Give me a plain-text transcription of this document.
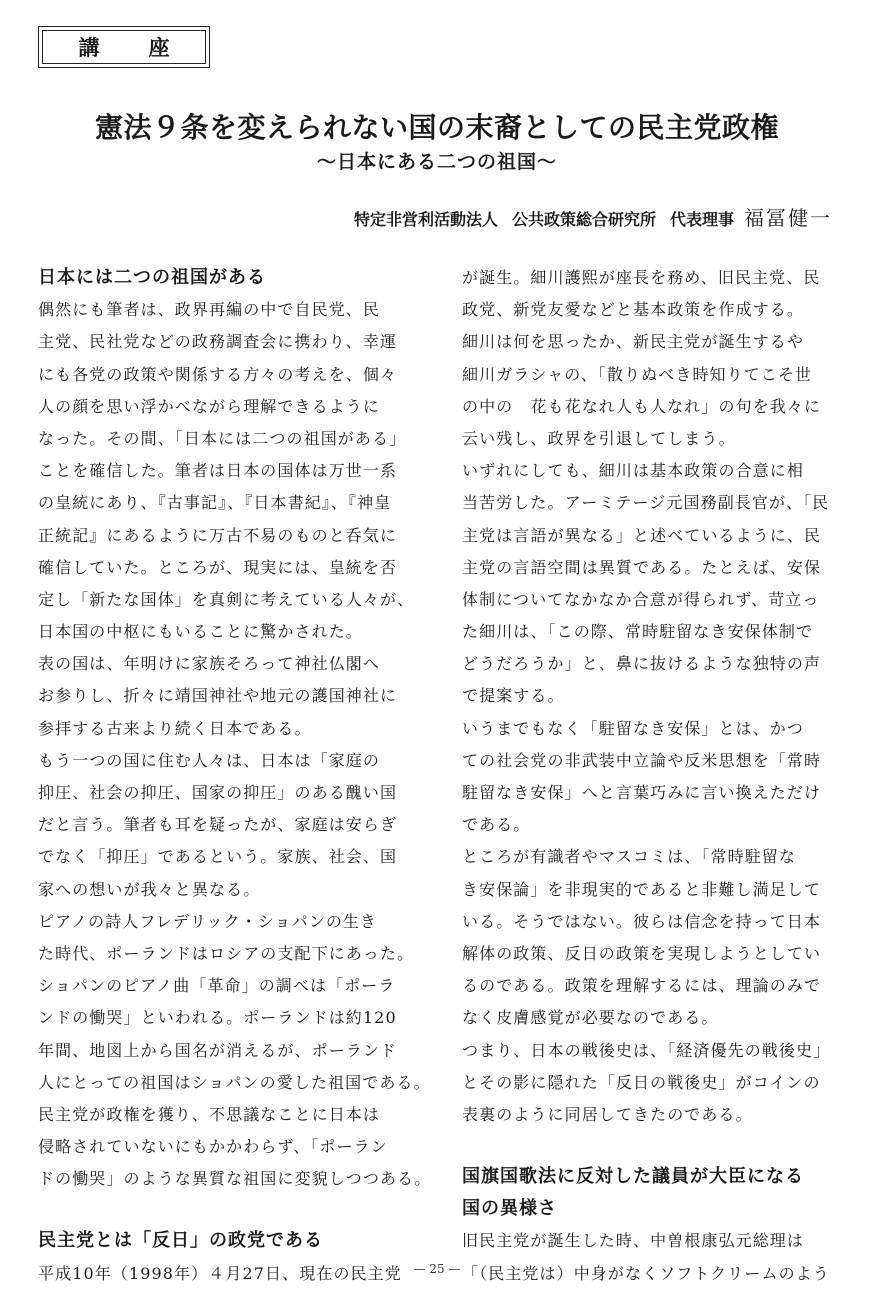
講　座
憲法９条を変えられない国の末裔としての民主党政権
～日本にある二つの祖国～
特定非営利活動法人 公共政策総合研究所 代表理事 福冨健一
日本には二つの祖国がある
偶然にも筆者は、政界再編の中で自民党、民
主党、民社党などの政務調査会に携わり、幸運
にも各党の政策や関係する方々の考えを、個々
人の顔を思い浮かべながら理解できるように
なった。その間、「日本には二つの祖国がある」
ことを確信した。筆者は日本の国体は万世一系
の皇統にあり、『古事記』、『日本書紀』、『神皇
正統記』にあるように万古不易のものと呑気に
確信していた。ところが、現実には、皇統を否
定し「新たな国体」を真剣に考えている人々が、
日本国の中枢にもいることに驚かされた。
表の国は、年明けに家族そろって神社仏閣へ
お参りし、折々に靖国神社や地元の護国神社に
参拝する古来より続く日本である。
もう一つの国に住む人々は、日本は「家庭の
抑圧、社会の抑圧、国家の抑圧」のある醜い国
だと言う。筆者も耳を疑ったが、家庭は安らぎ
でなく「抑圧」であるという。家族、社会、国
家への想いが我々と異なる。
ピアノの詩人フレデリック・ショパンの生き
た時代、ポーランドはロシアの支配下にあった。
ショパンのピアノ曲「革命」の調べは「ポーラ
ンドの慟哭」といわれる。ポーランドは約120
年間、地図上から国名が消えるが、ポーランド
人にとっての祖国はショパンの愛した祖国である。
民主党が政権を獲り、不思議なことに日本は
侵略されていないにもかかわらず、「ポーラン
ドの慟哭」のような異質な祖国に変貌しつつある。
民主党とは「反日」の政党である
平成10年（1998年）４月27日、現在の民主党
が誕生。細川護熙が座長を務め、旧民主党、民
政党、新党友愛などと基本政策を作成する。
細川は何を思ったか、新民主党が誕生するや
細川ガラシャの、「散りぬべき時知りてこそ世
の中の　花も花なれ人も人なれ」の句を我々に
云い残し、政界を引退してしまう。
いずれにしても、細川は基本政策の合意に相
当苦労した。アーミテージ元国務副長官が、「民
主党は言語が異なる」と述べているように、民
主党の言語空間は異質である。たとえば、安保
体制についてなかなか合意が得られず、苛立っ
た細川は、「この際、常時駐留なき安保体制で
どうだろうか」と、鼻に抜けるような独特の声
で提案する。
いうまでもなく「駐留なき安保」とは、かつ
ての社会党の非武装中立論や反米思想を「常時
駐留なき安保」へと言葉巧みに言い換えただけ
である。
ところが有識者やマスコミは、「常時駐留な
き安保論」を非現実的であると非難し満足して
いる。そうではない。彼らは信念を持って日本
解体の政策、反日の政策を実現しようとしてい
るのである。政策を理解するには、理論のみで
なく皮膚感覚が必要なのである。
つまり、日本の戦後史は、「経済優先の戦後史」
とその影に隠れた「反日の戦後史」がコインの
表裏のように同居してきたのである。
国旗国歌法に反対した議員が大臣になる
国の異様さ
旧民主党が誕生した時、中曽根康弘元総理は
「（民主党は）中身がなくソフトクリームのよう
— 25 —
